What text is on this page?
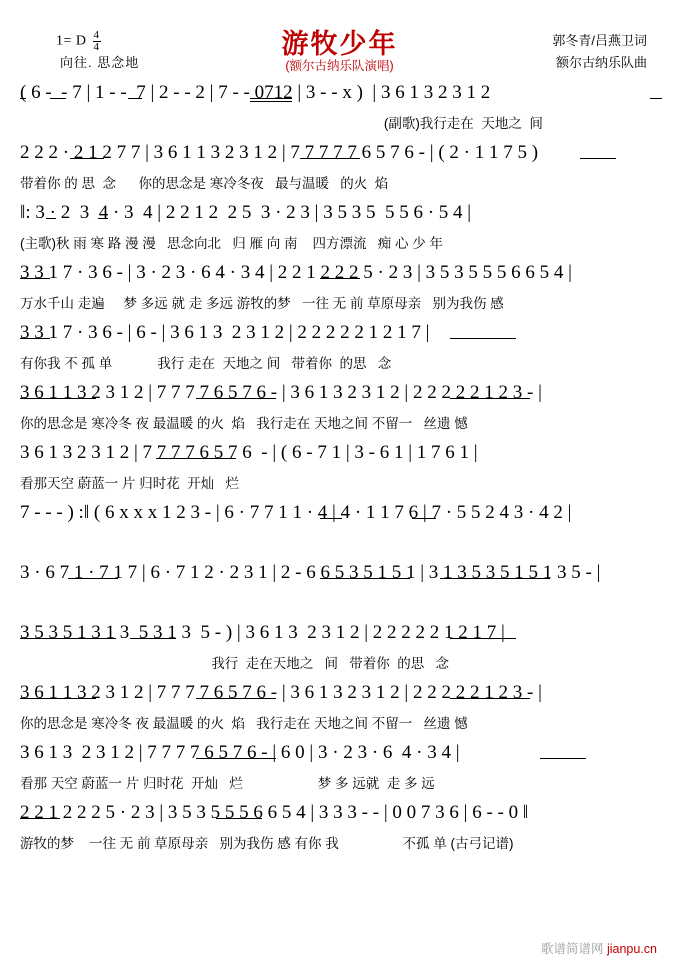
1= D $\frac{4}{4}$
向往. 思念地
游牧少年
(额尔古纳乐队演唱)
郭冬青/吕燕卫词
额尔古纳乐队曲
( 6 -  - 7 | 1 - -  7 | 2 - - 2 | 7 - - 0712 | 3 - - x )  | 3 6 1 3 2 3 1 2
(副歌)我行走在  天地之  间
2 2 2 · 2 1 2 7 7 | 3 6 1 1 3 2 3 1 2 | 7 7 7 7 7 6 5 7 6 - | ( 2 · 1 1 7 5 )
带着你 的 思  念      你的思念是 寒冷冬夜   最与温暖   的火  焰
‖: 3 · 2  3  4 · 3  4 | 2 2 1 2  2 5  3 · 2 3 | 3 5 3 5  5 5 6 · 5 4 |
(主歌)秋 雨 寒 路 漫 漫   思念向北   归 雁 向 南    四方漂流   痴 心 少 年
3 3 1 7 · 3 6 - | 3 · 2 3 · 6 4 · 3 4 | 2 2 1 2 2 2 5 · 2 3 | 3 5 3 5 5 5 6 6 5 4 |
万水千山 走遍     梦 多远 就 走 多远 游牧的梦   一往 无 前 草原母亲   别为我伤 感
3 3 1 7 · 3 6 - | 6 - | 3 6 1 3  2 3 1 2 | 2 2 2 2 2 1 2 1 7 |
有你我 不 孤 单            我行 走在  天地之 间   带着你  的思   念
3 6 1 1 3 2 3 1 2 | 7 7 7 7 6 5 7 6 - | 3 6 1 3 2 3 1 2 | 2 2 2 2 2 1 2 3 - |
你的思念是 寒冷冬 夜 最温暖 的火  焰   我行走在 天地之间 不留一   丝遗 憾
3 6 1 3 2 3 1 2 | 7 7 7 7 6 5 7 6  - | ( 6 - 7 1 | 3 - 6 1 | 1 7 6 1 |
看那天空 蔚蓝一 片 归时花  开灿   烂
7 - - - ) :‖ ( 6 x x x 1 2 3 - | 6 · 7 7 1 1 · 4 | 4 · 1 1 7 6 | 7 · 5 5 2 4 3 · 4 2 |
3 · 6 7 1 · 7 1 7 | 6 · 7 1 2 · 2 3 1 | 2 - 6 6 5 3 5 1 5 1 | 3 1 3 5 3 5 1 5 1 3 5 - |
3 5 3 5 1 3 1 3  5 3 1 3  5 - ) | 3 6 1 3  2 3 1 2 | 2 2 2 2 2 1 2 1 7 |
我行  走在天地之   间   带着你  的思   念
3 6 1 1 3 2 3 1 2 | 7 7 7 7 6 5 7 6 - | 3 6 1 3 2 3 1 2 | 2 2 2 2 2 1 2 3 - |
你的思念是 寒冷冬 夜 最温暖 的火  焰   我行走在 天地之间 不留一   丝遗 憾
3 6 1 3  2 3 1 2 | 7 7 7 7 6 5 7 6 - | 6 0 | 3 · 2 3 · 6  4 · 3 4 |
看那 天空 蔚蓝一 片 归时花  开灿   烂                    梦 多 远就  走 多 远
2 2 1 2 2 2 5 · 2 3 | 3 5 3 5 5 5 6 6 5 4 | 3 3 3 - - | 0 0 7 3 6 | 6 - - 0 ‖
游牧的梦    一往 无 前 草原母亲   别为我伤 感 有你 我                 不孤 单 (古弓记谱)
歌谱简谱网 jianpu.cn
